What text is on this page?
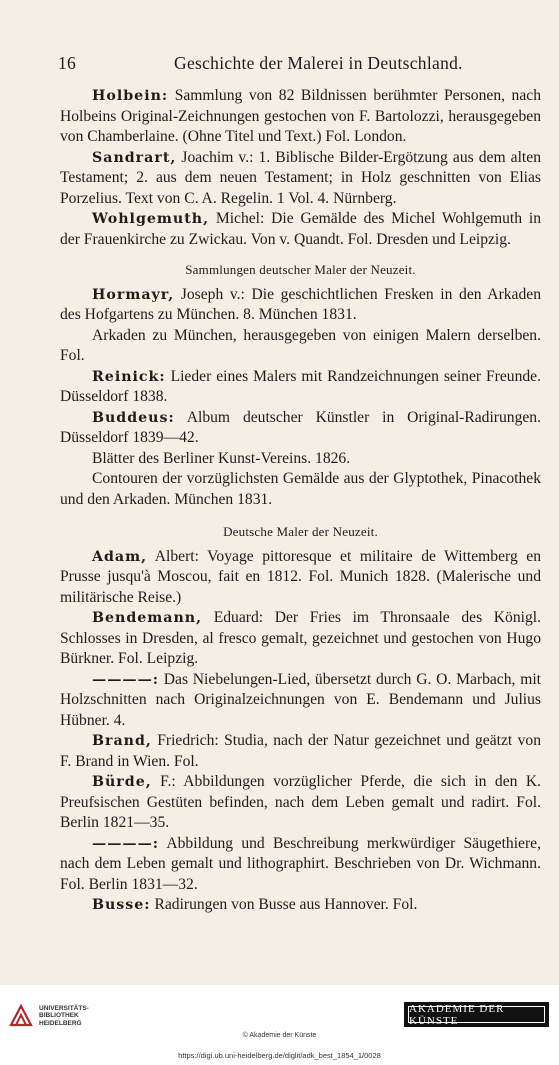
16	Geschichte der Malerei in Deutschland.

Holbein: Sammlung von 82 Bildnissen berühmter Personen, nach Holbeins Original-Zeichnungen gestochen von F. Bartolozzi, herausgegeben von Chamberlaine. (Ohne Titel und Text.) Fol. London.

Sandrart, Joachim v.: 1. Biblische Bilder-Ergötzung aus dem alten Testament; 2. aus dem neuen Testament; in Holz geschnitten von Elias Porzelius. Text von C. A. Regelin. 1 Vol. 4. Nürnberg.

Wohlgemuth, Michel: Die Gemälde des Michel Wohlgemuth in der Frauenkirche zu Zwickau. Von v. Quandt. Fol. Dresden und Leipzig.

Sammlungen deutscher Maler der Neuzeit.

Hormayr, Joseph v.: Die geschichtlichen Fresken in den Arkaden des Hofgartens zu München. 8. München 1831.

Arkaden zu München, herausgegeben von einigen Malern derselben. Fol.

Reinick: Lieder eines Malers mit Randzeichnungen seiner Freunde. Düsseldorf 1838.

Buddeus: Album deutscher Künstler in Original-Radirungen. Düsseldorf 1839—42.

Blätter des Berliner Kunst-Vereins. 1826.

Contouren der vorzüglichsten Gemälde aus der Glyptothek, Pinacothek und den Arkaden. München 1831.

Deutsche Maler der Neuzeit.

Adam, Albert: Voyage pittoresque et militaire de Wittemberg en Prusse jusqu'à Moscou, fait en 1812. Fol. Munich 1828. (Malerische und militärische Reise.)

Bendemann, Eduard: Der Fries im Thronsaale des Königl. Schlosses in Dresden, al fresco gemalt, gezeichnet und gestochen von Hugo Bürkner. Fol. Leipzig.

————: Das Niebelungen-Lied, übersetzt durch G. O. Marbach, mit Holzschnitten nach Originalzeichnungen von E. Bendemann und Julius Hübner. 4.

Brand, Friedrich: Studia, nach der Natur gezeichnet und geätzt von F. Brand in Wien. Fol.

Bürde, F.: Abbildungen vorzüglicher Pferde, die sich in den K. Preufsischen Gestüten befinden, nach dem Leben gemalt und radirt. Fol. Berlin 1821—35.

————: Abbildung und Beschreibung merkwürdiger Säugethiere, nach dem Leben gemalt und lithographirt. Beschrieben von Dr. Wichmann. Fol. Berlin 1831—32.

Busse: Radirungen von Busse aus Hannover. Fol.

UNIVERSITÄTS-
BIBLIOTHEK
HEIDELBERG
AKADEMIE DER KÜNSTE
© Akademie der Künste
https://digi.ub.uni-heidelberg.de/diglit/adk_best_1854_1/0028
